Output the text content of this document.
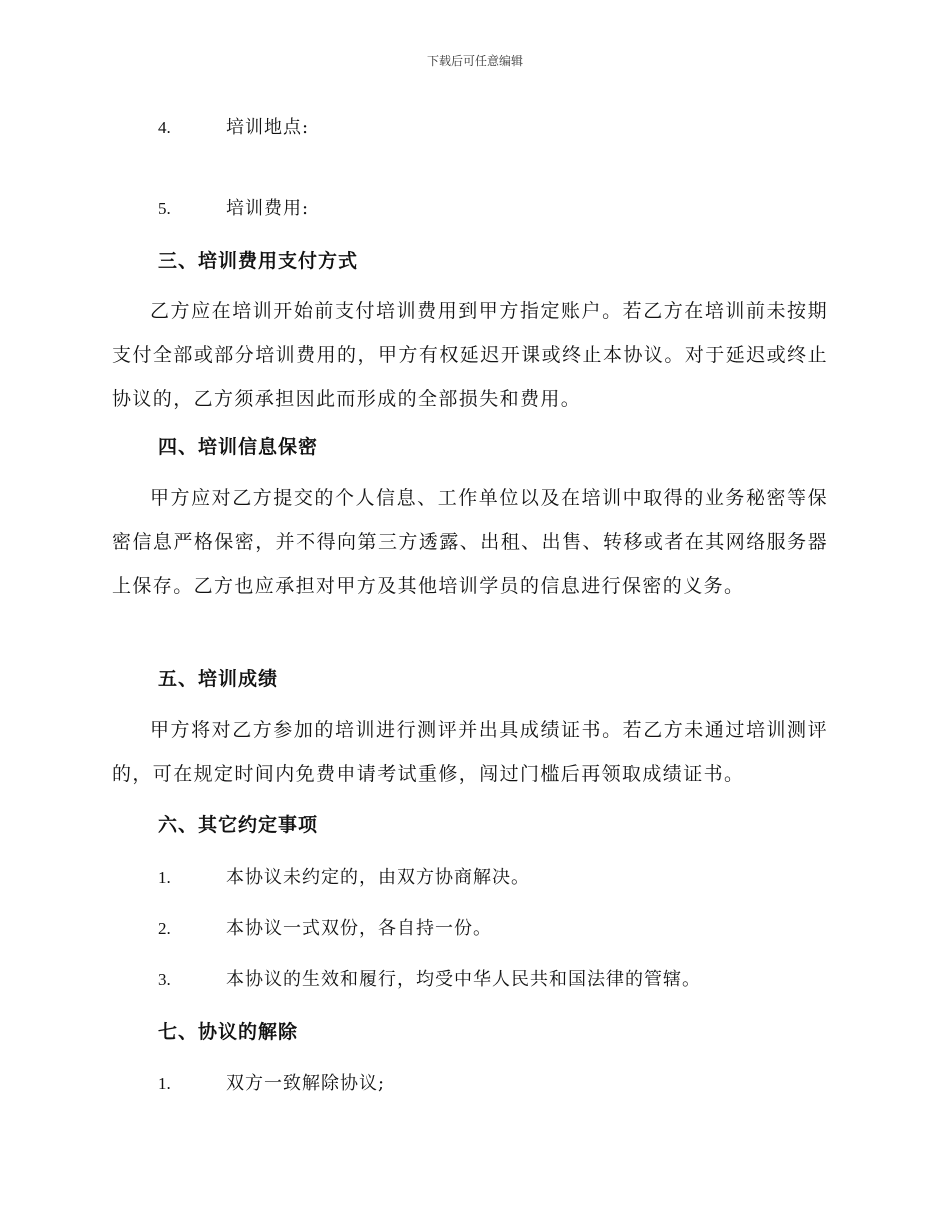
下载后可任意编辑
4.	培训地点:
5.	培训费用:
三、培训费用支付方式
乙方应在培训开始前支付培训费用到甲方指定账户。若乙方在培训前未按期支付全部或部分培训费用的，甲方有权延迟开课或终止本协议。对于延迟或终止协议的，乙方须承担因此而形成的全部损失和费用。
四、培训信息保密
甲方应对乙方提交的个人信息、工作单位以及在培训中取得的业务秘密等保密信息严格保密，并不得向第三方透露、出租、出售、转移或者在其网络服务器上保存。乙方也应承担对甲方及其他培训学员的信息进行保密的义务。
五、培训成绩
甲方将对乙方参加的培训进行测评并出具成绩证书。若乙方未通过培训测评的，可在规定时间内免费申请考试重修，闯过门槛后再领取成绩证书。
六、其它约定事项
1.	本协议未约定的，由双方协商解决。
2.	本协议一式双份，各自持一份。
3.	本协议的生效和履行，均受中华人民共和国法律的管辖。
七、协议的解除
1.	双方一致解除协议;
